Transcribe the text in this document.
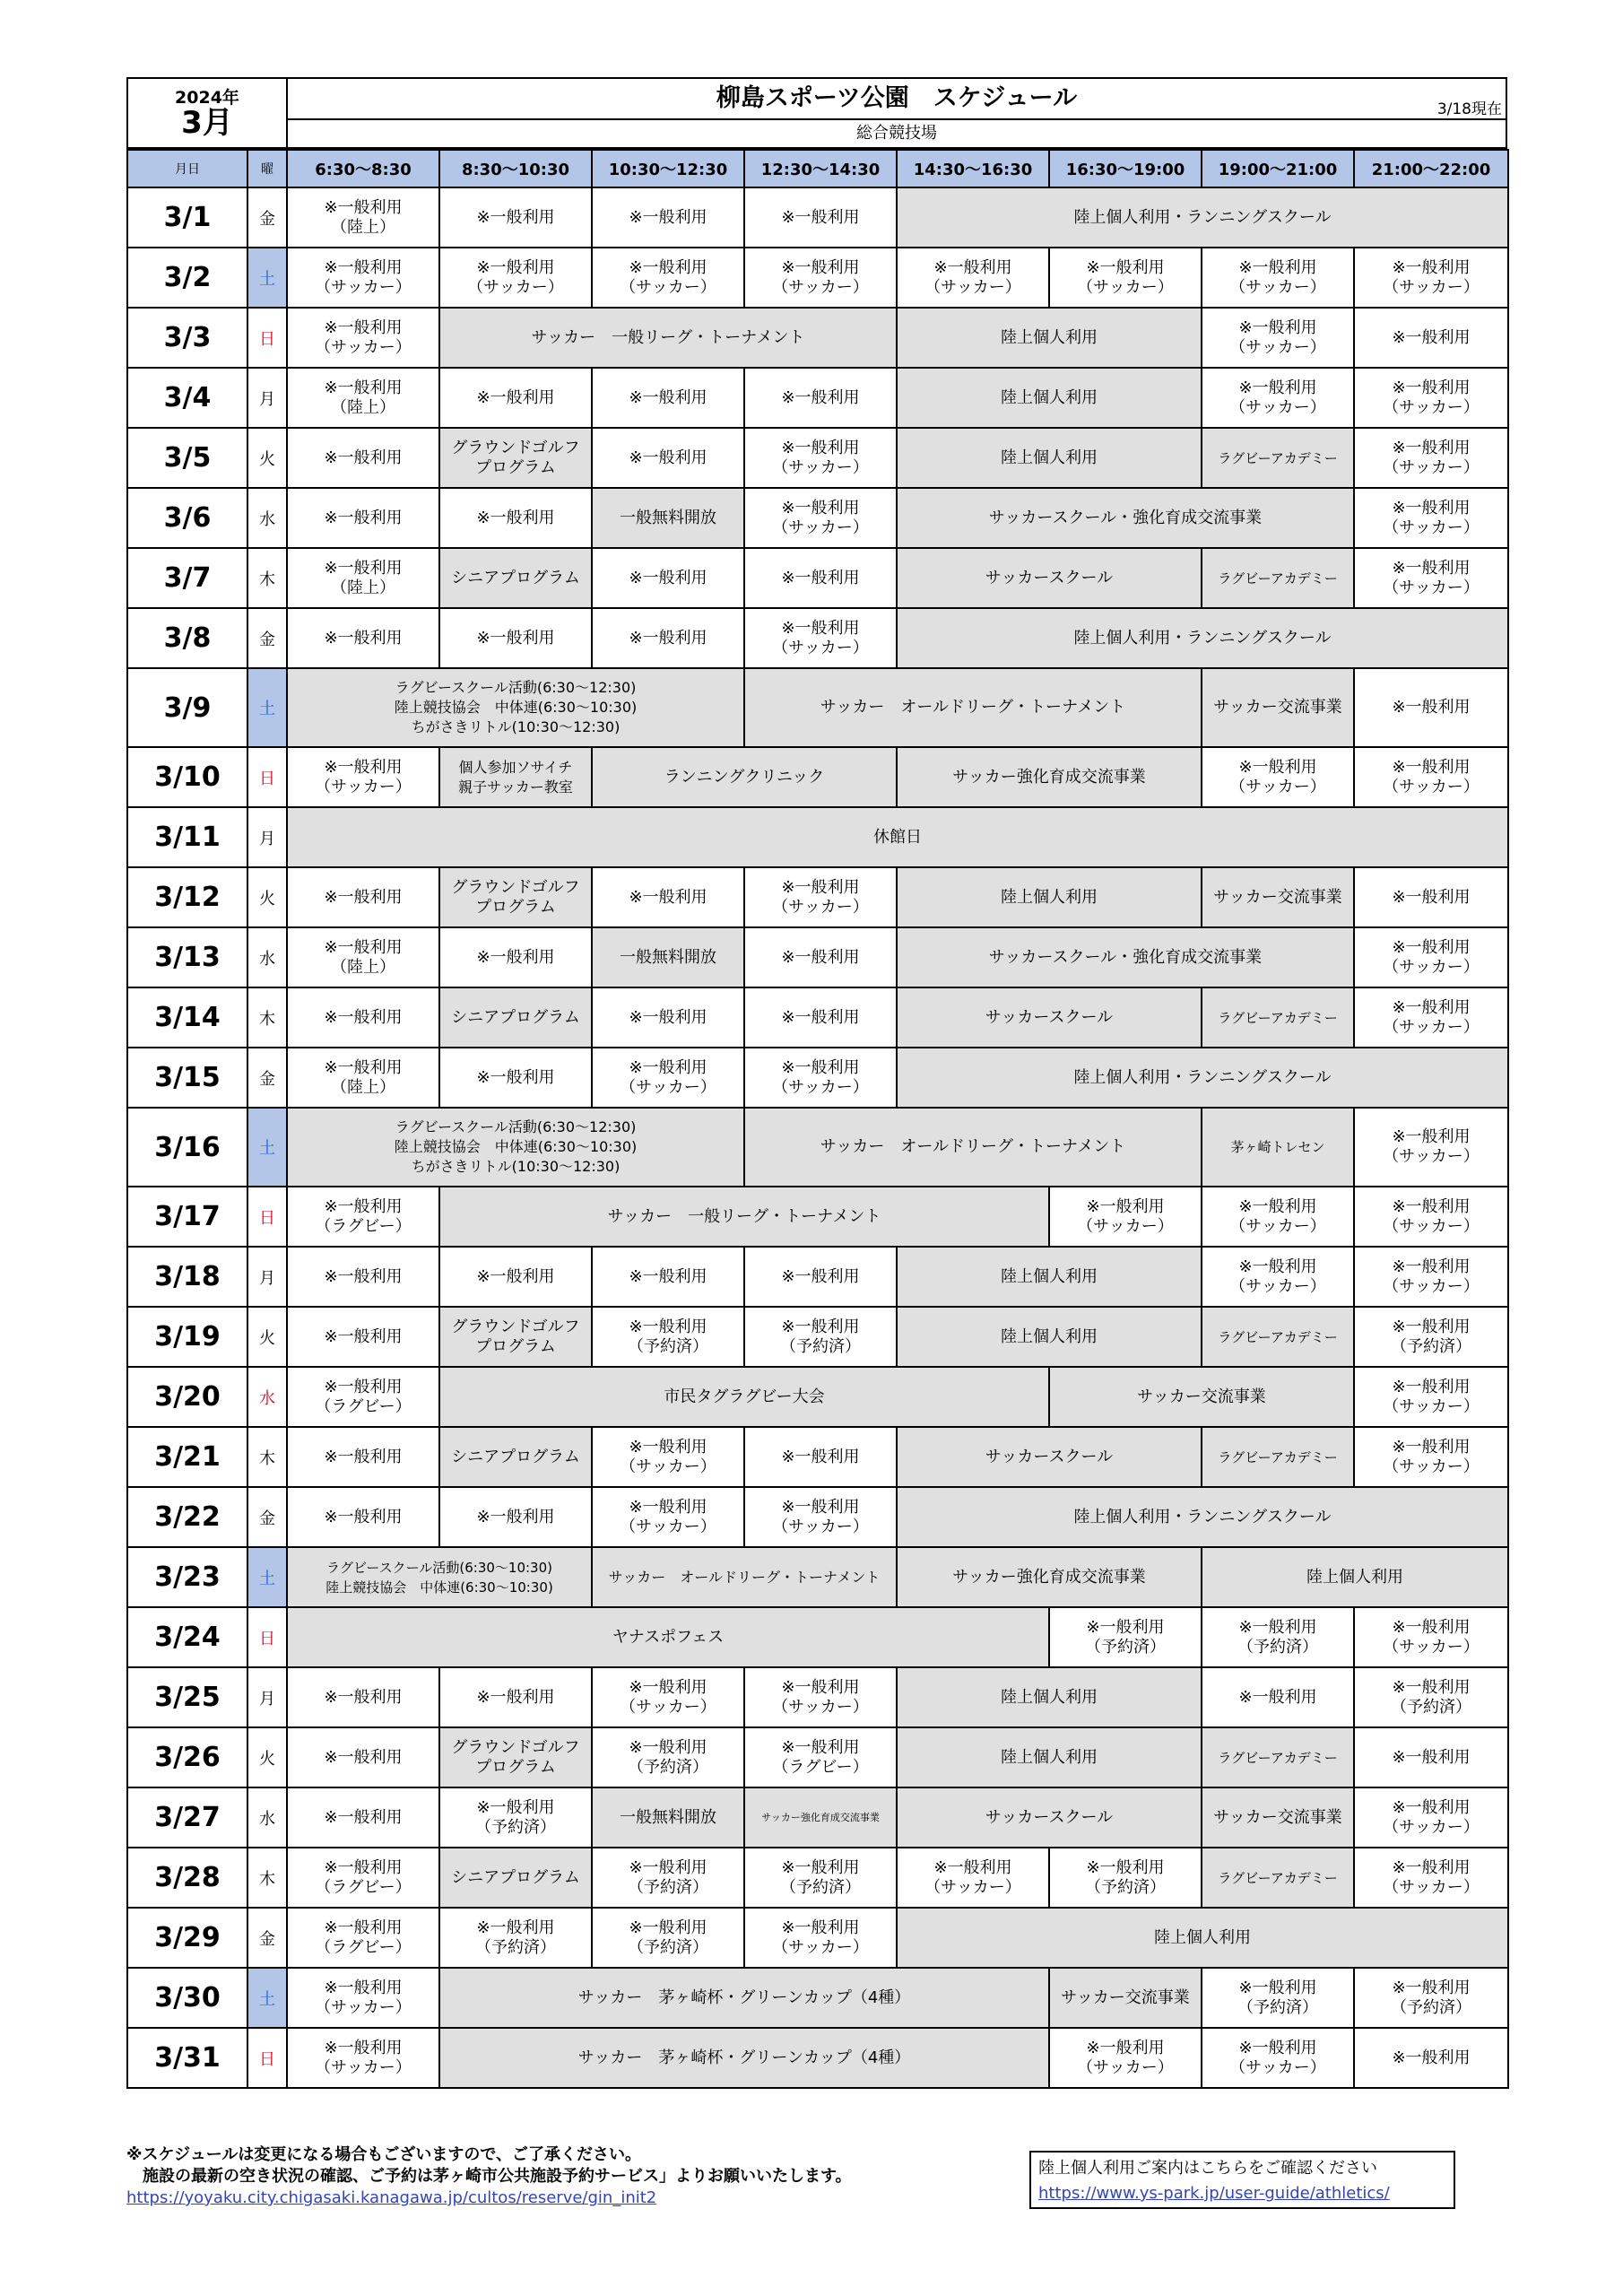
2024年
3月
	柳島スポーツ公園　スケジュール	3/18現在

総合競技場
月日	曜	6:30～8:30	8:30～10:30	10:30～12:30	12:30～14:30	14:30～16:30	16:30～19:00	19:00～21:00	21:00～22:00
3/1	金	※一般利用
（陸上）	※一般利用	※一般利用	※一般利用	陸上個人利用・ランニングスクール			
3/2	土	※一般利用
（サッカー）	※一般利用
（サッカー）	※一般利用
（サッカー）	※一般利用
（サッカー）	※一般利用
（サッカー）	※一般利用
（サッカー）	※一般利用
（サッカー）	※一般利用
（サッカー）
3/3	日	※一般利用
（サッカー）	サッカー　一般リーグ・トーナメント			陸上個人利用		※一般利用
（サッカー）	※一般利用
3/4	月	※一般利用
（陸上）	※一般利用	※一般利用	※一般利用	陸上個人利用		※一般利用
（サッカー）	※一般利用
（サッカー）
3/5	火	※一般利用	グラウンドゴルフ
プログラム	※一般利用	※一般利用
（サッカー）	陸上個人利用		ラグビーアカデミー	※一般利用
（サッカー）
3/6	水	※一般利用	※一般利用	一般無料開放	※一般利用
（サッカー）	サッカースクール・強化育成交流事業			※一般利用
（サッカー）
3/7	木	※一般利用
（陸上）	シニアプログラム	※一般利用	※一般利用	サッカースクール		ラグビーアカデミー	※一般利用
（サッカー）
3/8	金	※一般利用	※一般利用	※一般利用	※一般利用
（サッカー）	陸上個人利用・ランニングスクール			
3/9	土	ラグビースクール活動(6:30～12:30)
陸上競技協会　中体連(6:30～10:30)
ちがさきリトル(10:30～12:30)			サッカー　オールドリーグ・トーナメント			サッカー交流事業	※一般利用
3/10	日	※一般利用
（サッカー）	個人参加ソサイチ
親子サッカー教室	ランニングクリニック		サッカー強化育成交流事業		※一般利用
（サッカー）	※一般利用
（サッカー）
3/11	月	休館日							
3/12	火	※一般利用	グラウンドゴルフ
プログラム	※一般利用	※一般利用
（サッカー）	陸上個人利用		サッカー交流事業	※一般利用
3/13	水	※一般利用
（陸上）	※一般利用	一般無料開放	※一般利用	サッカースクール・強化育成交流事業			※一般利用
（サッカー）
3/14	木	※一般利用	シニアプログラム	※一般利用	※一般利用	サッカースクール		ラグビーアカデミー	※一般利用
（サッカー）
3/15	金	※一般利用
（陸上）	※一般利用	※一般利用
（サッカー）	※一般利用
（サッカー）	陸上個人利用・ランニングスクール			
3/16	土	ラグビースクール活動(6:30～12:30)
陸上競技協会　中体連(6:30～10:30)
ちがさきリトル(10:30～12:30)			サッカー　オールドリーグ・トーナメント			茅ヶ崎トレセン	※一般利用
（サッカー）
3/17	日	※一般利用
（ラグビー）	サッカー　一般リーグ・トーナメント				※一般利用
（サッカー）	※一般利用
（サッカー）	※一般利用
（サッカー）
3/18	月	※一般利用	※一般利用	※一般利用	※一般利用	陸上個人利用		※一般利用
（サッカー）	※一般利用
（サッカー）
3/19	火	※一般利用	グラウンドゴルフ
プログラム	※一般利用
（予約済）	※一般利用
（予約済）	陸上個人利用		ラグビーアカデミー	※一般利用
（予約済）
3/20	水	※一般利用
（ラグビー）	市民タグラグビー大会				サッカー交流事業		※一般利用
（サッカー）
3/21	木	※一般利用	シニアプログラム	※一般利用
（サッカー）	※一般利用	サッカースクール		ラグビーアカデミー	※一般利用
（サッカー）
3/22	金	※一般利用	※一般利用	※一般利用
（サッカー）	※一般利用
（サッカー）	陸上個人利用・ランニングスクール			
3/23	土	ラグビースクール活動(6:30～10:30)
陸上競技協会　中体連(6:30～10:30)		サッカー　オールドリーグ・トーナメント		サッカー強化育成交流事業		陸上個人利用	
3/24	日	ヤナスポフェス					※一般利用
（予約済）	※一般利用
（予約済）	※一般利用
（サッカー）
3/25	月	※一般利用	※一般利用	※一般利用
（サッカー）	※一般利用
（サッカー）	陸上個人利用		※一般利用	※一般利用
（予約済）
3/26	火	※一般利用	グラウンドゴルフ
プログラム	※一般利用
（予約済）	※一般利用
（ラグビー）	陸上個人利用		ラグビーアカデミー	※一般利用
3/27	水	※一般利用	※一般利用
（予約済）	一般無料開放	サッカー強化育成交流事業	サッカースクール		サッカー交流事業	※一般利用
（サッカー）
3/28	木	※一般利用
（ラグビー）	シニアプログラム	※一般利用
（予約済）	※一般利用
（予約済）	※一般利用
（サッカー）	※一般利用
（予約済）	ラグビーアカデミー	※一般利用
（サッカー）
3/29	金	※一般利用
（ラグビー）	※一般利用
（予約済）	※一般利用
（予約済）	※一般利用
（サッカー）	陸上個人利用			
3/30	土	※一般利用
（サッカー）	サッカー　茅ヶ崎杯・グリーンカップ（4種）				サッカー交流事業	※一般利用
（予約済）	※一般利用
（予約済）
3/31	日	※一般利用
（サッカー）	サッカー　茅ヶ崎杯・グリーンカップ（4種）				※一般利用
（サッカー）	※一般利用
（サッカー）	※一般利用
※スケジュールは変更になる場合もございますので、ご了承ください。
　施設の最新の空き状況の確認、ご予約は茅ヶ崎市公共施設予約サービス」よりお願いいたします。
https://yoyaku.city.chigasaki.kanagawa.jp/cultos/reserve/gin_init2
陸上個人利用ご案内はこちらをご確認ください
https://www.ys-park.jp/user-guide/athletics/
